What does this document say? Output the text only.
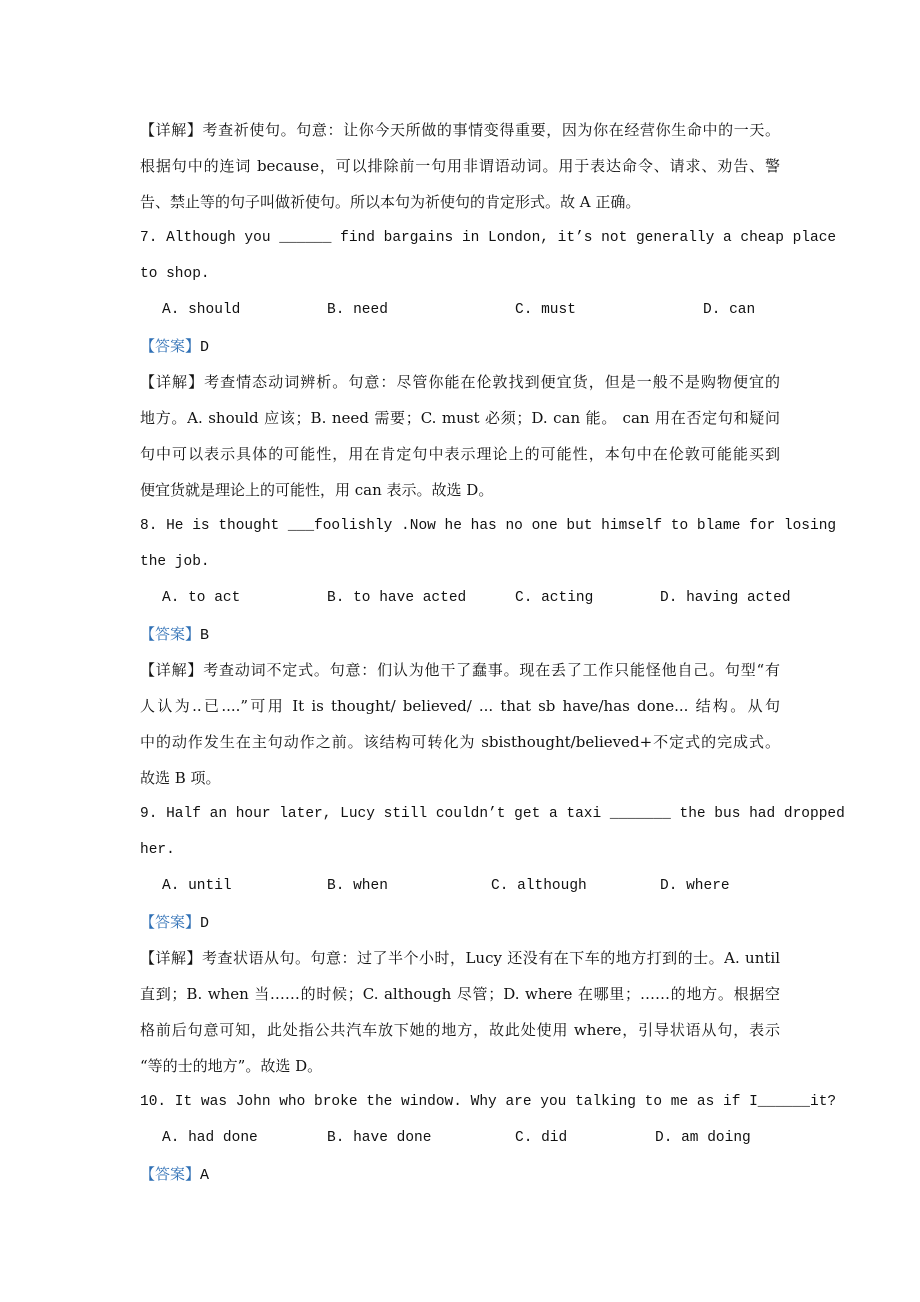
【详解】考查祈使句。句意：让你今天所做的事情变得重要，因为你在经营你生命中的一天。
根据句中的连词 because，可以排除前一句用非谓语动词。用于表达命令、请求、劝告、警
告、禁止等的句子叫做祈使句。所以本句为祈使句的肯定形式。故 A 正确。
7. Although you ______ find bargains in London, it’s not generally a cheap place
to shop.
A. should	B. need	C. must	D. can
【答案】D
【详解】考查情态动词辨析。句意：尽管你能在伦敦找到便宜货，但是一般不是购物便宜的
地方。A. should 应该；B. need 需要；C. must 必须；D. can 能。 can 用在否定句和疑问
句中可以表示具体的可能性，用在肯定句中表示理论上的可能性，本句中在伦敦可能能买到
便宜货就是理论上的可能性，用 can 表示。故选 D。
8. He is thought ___foolishly .Now he has no one but himself to blame for losing
the job.
A. to act	B. to have acted	C. acting	D. having acted
【答案】B
【详解】考查动词不定式。句意：们认为他干了蠢事。现在丢了工作只能怪他自己。句型“有
人认为..已....”可用 It is thought/ believed/ ... that sb have/has done... 结构。从句
中的动作发生在主句动作之前。该结构可转化为 sbisthought/believed+不定式的完成式。
故选 B 项。
9. Half an hour later, Lucy still couldn’t get a taxi _______ the bus had dropped
her.
A. until	B. when	C. although	D. where
【答案】D
【详解】考查状语从句。句意：过了半个小时，Lucy 还没有在下车的地方打到的士。A. until
直到；B. when 当……的时候；C. although 尽管；D. where 在哪里；……的地方。根据空
格前后句意可知，此处指公共汽车放下她的地方，故此处使用 where，引导状语从句，表示
“等的士的地方”。故选 D。
10. It was John who broke the window. Why are you talking to me as if I______it?
A. had done	B. have done	C. did	D. am doing
【答案】A
